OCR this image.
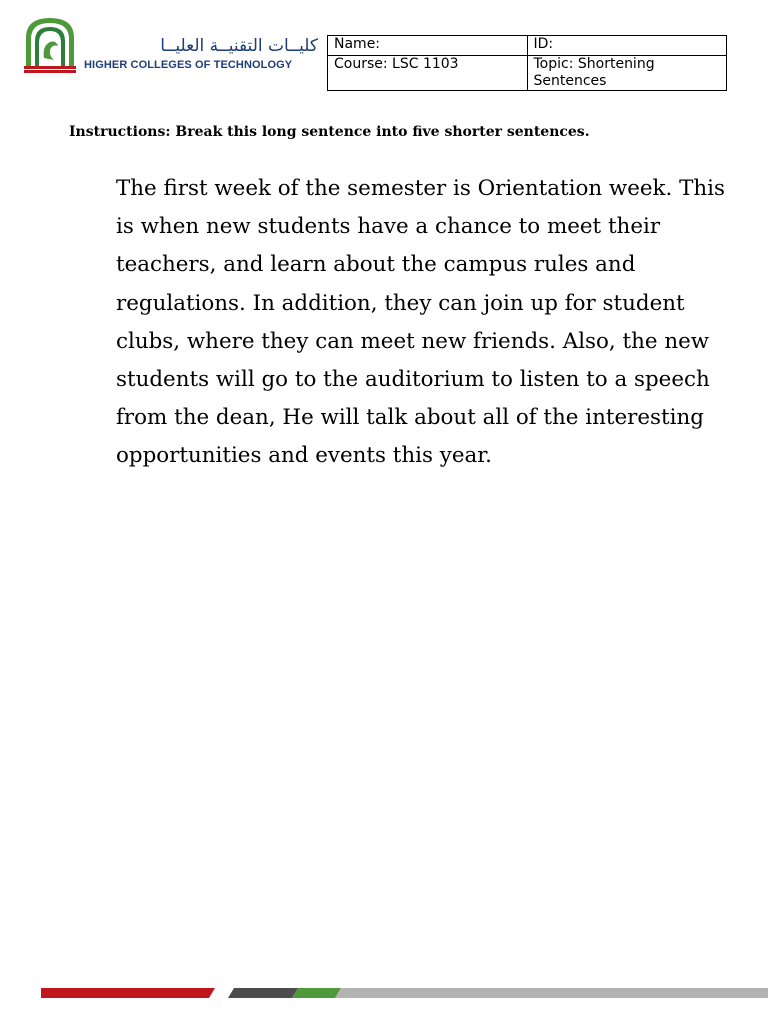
كليــات التقنيــة العليــا
HIGHER COLLEGES OF TECHNOLOGY
Name:	ID:
Course: LSC 1103	Topic: Shortening Sentences
Instructions: Break this long sentence into five shorter sentences.
The first week of the semester is Orientation week. This is when new students have a chance to meet their teachers, and learn about the campus rules and regulations. In addition, they can join up for student clubs, where they can meet new friends. Also, the new students will go to the auditorium to listen to a speech from the dean, He will talk about all of the interesting opportunities and events this year.
